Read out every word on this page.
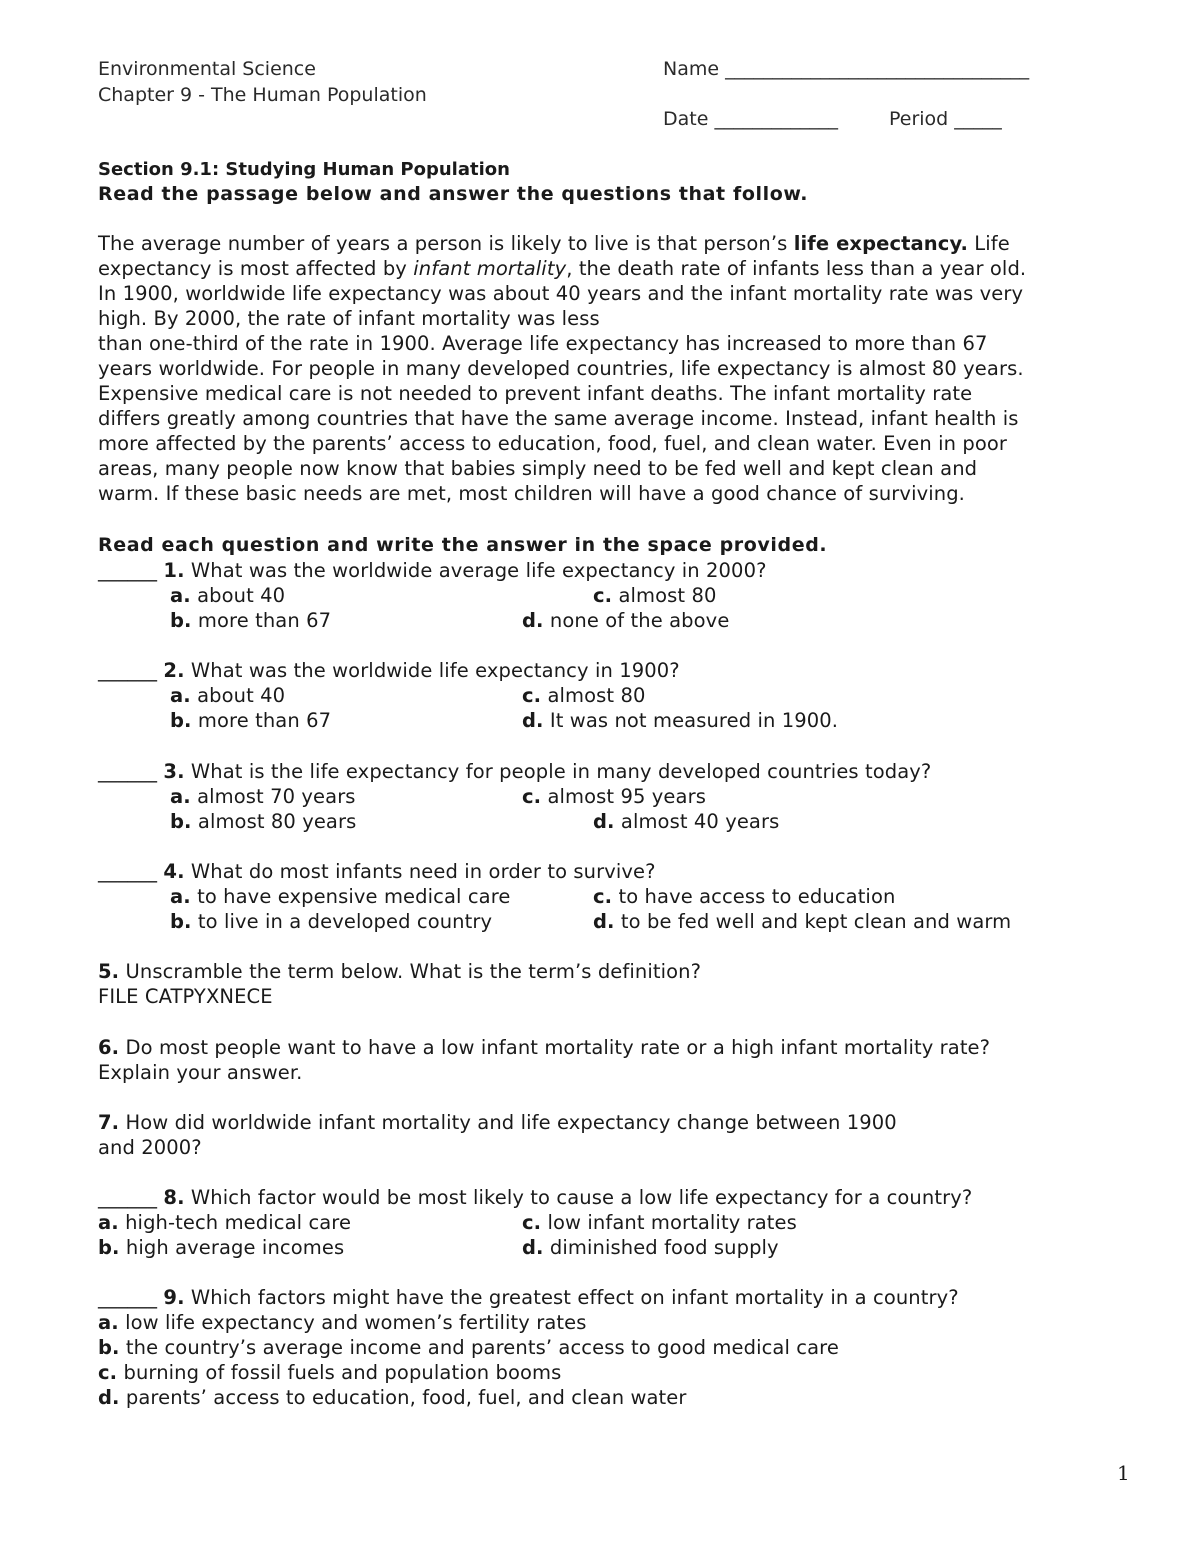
Environmental Science
Chapter 9 - The Human Population
Name ________________________________
Date _____________	Period _____
Section 9.1: Studying Human Population
Read the passage below and answer the questions that follow.
The average number of years a person is likely to live is that person’s life expectancy. Life
expectancy is most affected by infant mortality, the death rate of infants less than a year old.
In 1900, worldwide life expectancy was about 40 years and the infant mortality rate was very
high. By 2000, the rate of infant mortality was less
than one-third of the rate in 1900. Average life expectancy has increased to more than 67
years worldwide. For people in many developed countries, life expectancy is almost 80 years.
Expensive medical care is not needed to prevent infant deaths. The infant mortality rate
differs greatly among countries that have the same average income. Instead, infant health is
more affected by the parents’ access to education, food, fuel, and clean water. Even in poor
areas, many people now know that babies simply need to be fed well and kept clean and
warm. If these basic needs are met, most children will have a good chance of surviving.
Read each question and write the answer in the space provided.
______ 1. What was the worldwide average life expectancy in 2000?
a. about 40	c. almost 80
b. more than 67	d. none of the above
______ 2. What was the worldwide life expectancy in 1900?
a. about 40	c. almost 80
b. more than 67	d. It was not measured in 1900.
______ 3. What is the life expectancy for people in many developed countries today?
a. almost 70 years	c. almost 95 years
b. almost 80 years	d. almost 40 years
______ 4. What do most infants need in order to survive?
a. to have expensive medical care	c. to have access to education
b. to live in a developed country	d. to be fed well and kept clean and warm
5. Unscramble the term below. What is the term’s definition?
FILE CATPYXNECE
6. Do most people want to have a low infant mortality rate or a high infant mortality rate?
Explain your answer.
7. How did worldwide infant mortality and life expectancy change between 1900
and 2000?
______ 8. Which factor would be most likely to cause a low life expectancy for a country?
a. high-tech medical care	c. low infant mortality rates
b. high average incomes	d. diminished food supply
______ 9. Which factors might have the greatest effect on infant mortality in a country?
a. low life expectancy and women’s fertility rates
b. the country’s average income and parents’ access to good medical care
c. burning of fossil fuels and population booms
d. parents’ access to education, food, fuel, and clean water
1
